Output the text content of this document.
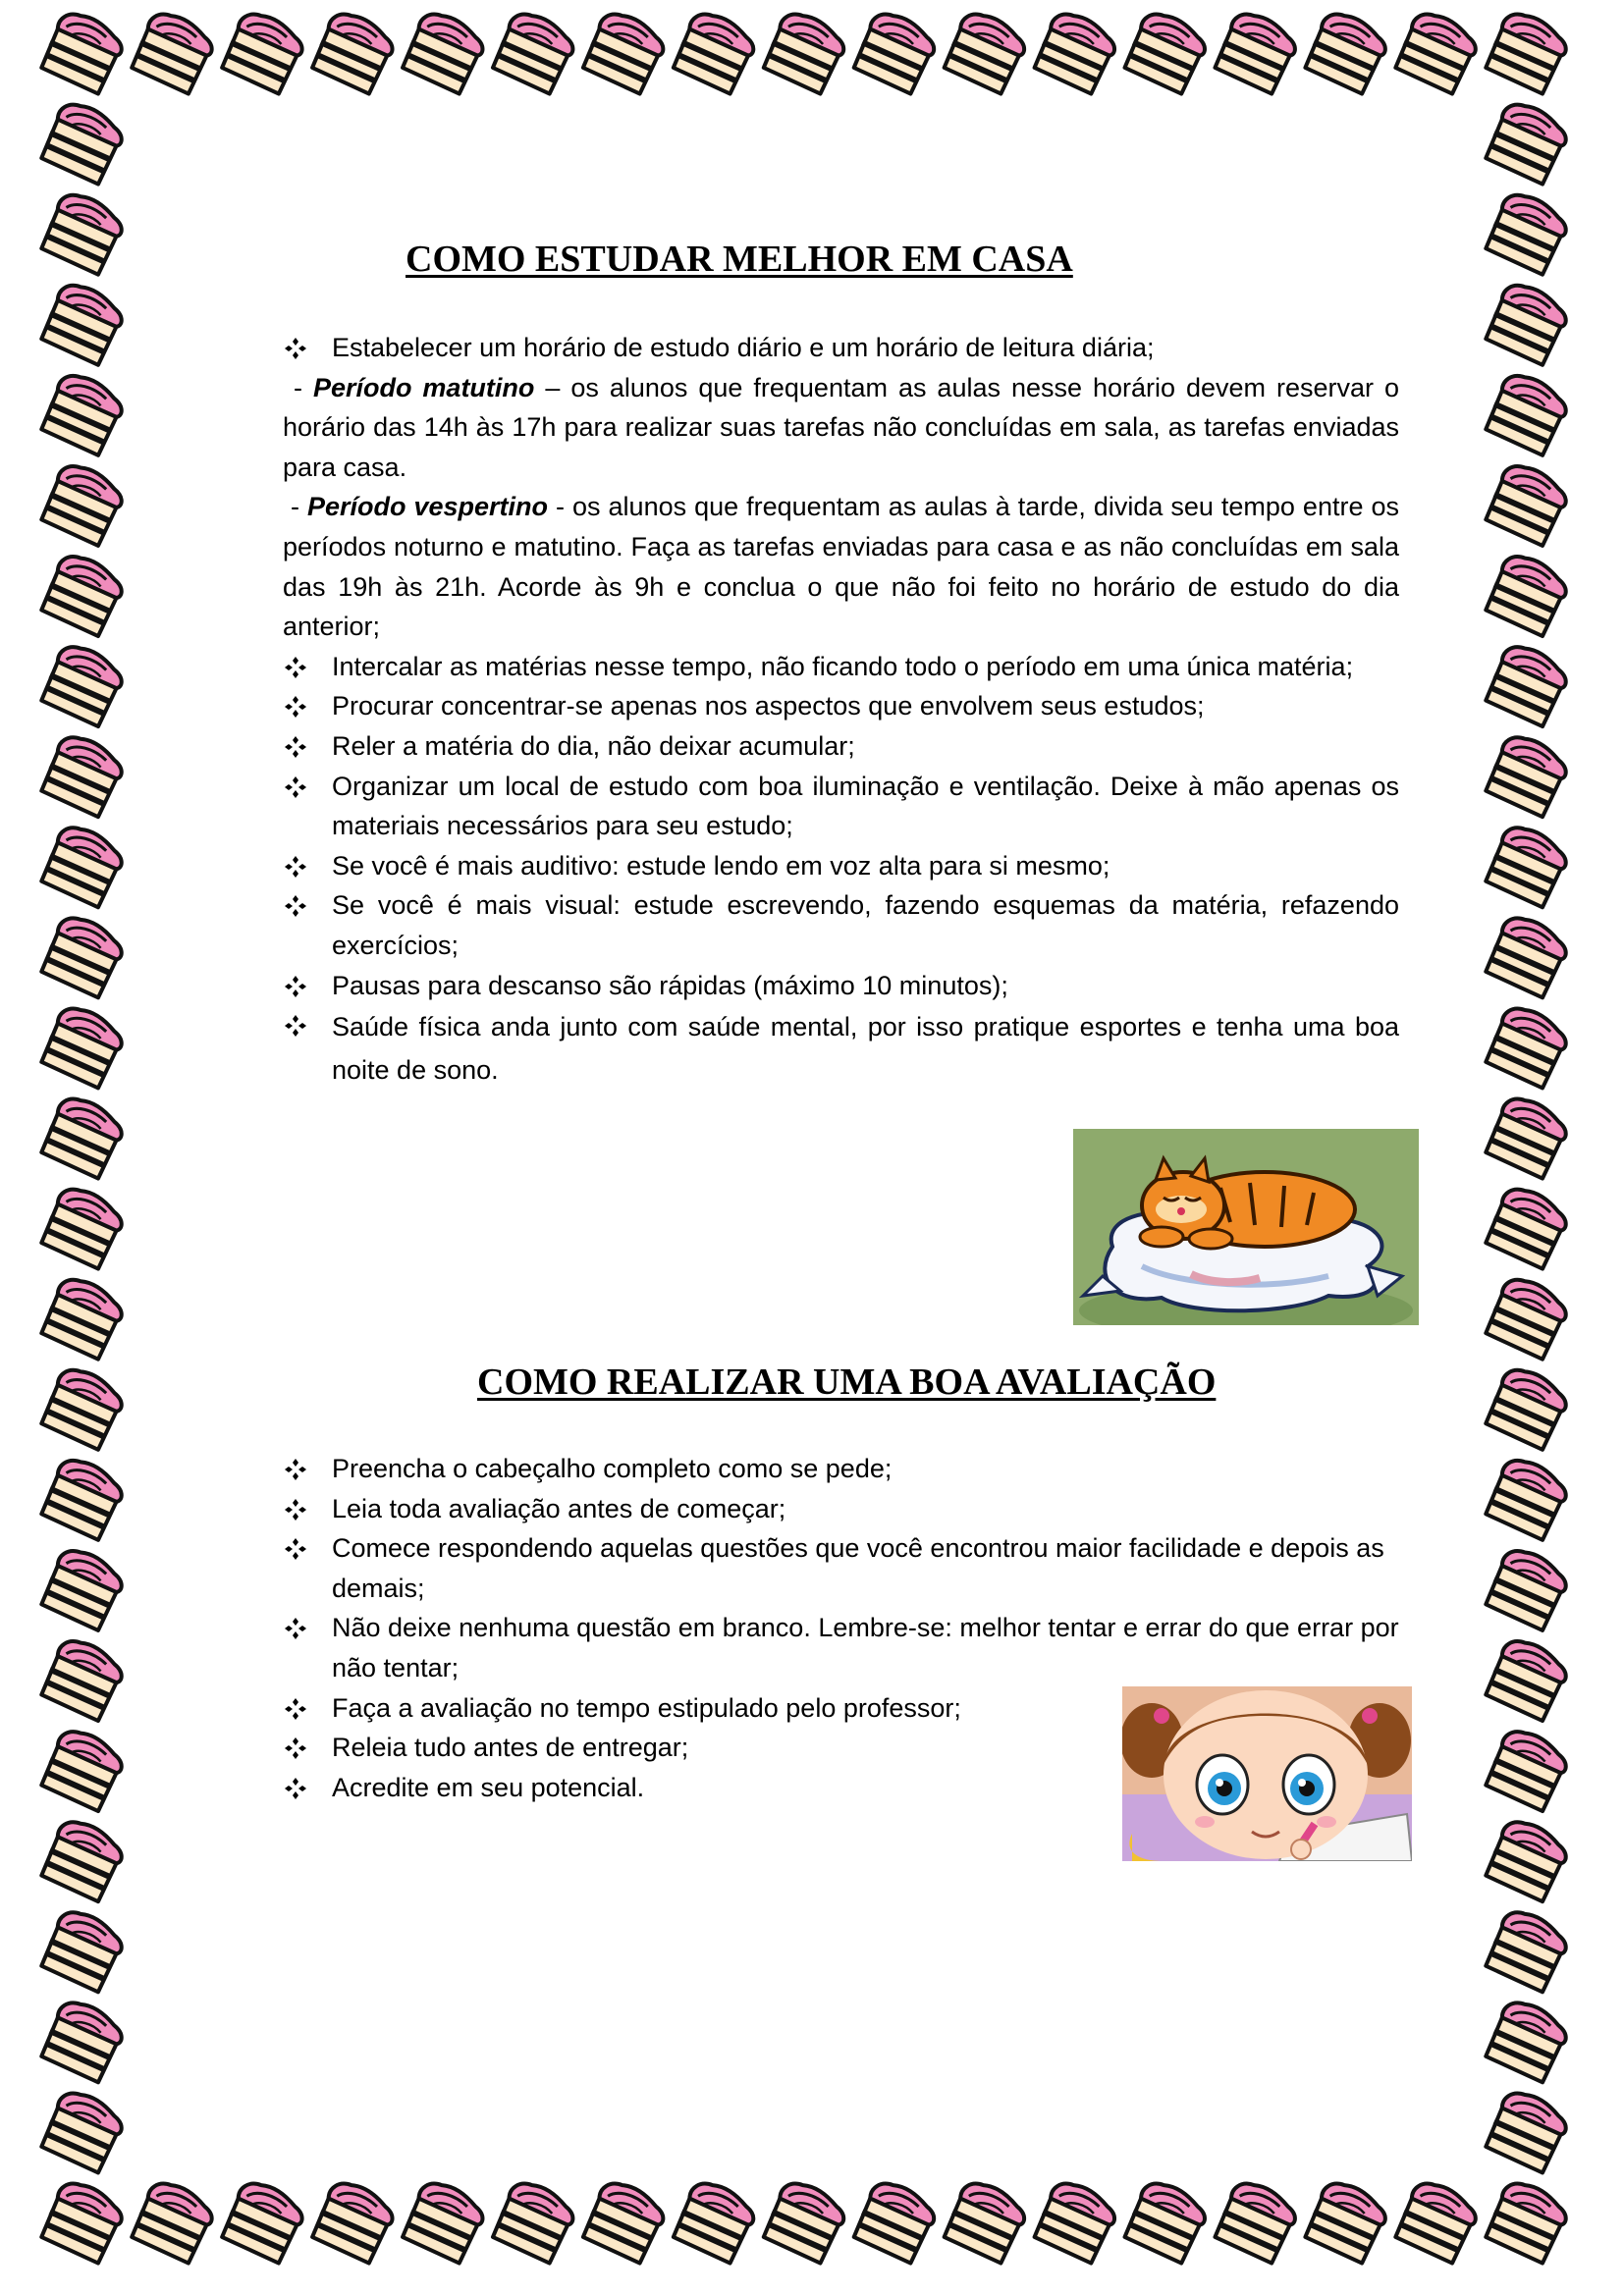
COMO ESTUDAR MELHOR EM CASA
Estabelecer um horário de estudo diário e um horário de leitura diária;
- Período matutino – os alunos que frequentam as aulas nesse horário devem reservar o horário das 14h às 17h para realizar suas tarefas não concluídas em sala, as tarefas enviadas para casa.
- Período vespertino - os alunos que frequentam as aulas à tarde, divida seu tempo entre os períodos noturno e matutino. Faça as tarefas enviadas para casa e as não concluídas em sala das 19h às 21h. Acorde às 9h e conclua o que não foi feito no horário de estudo do dia anterior;
Intercalar as matérias nesse tempo, não ficando todo o período em uma única matéria;
Procurar concentrar-se apenas nos aspectos que envolvem seus estudos;
Reler a matéria do dia, não deixar acumular;
Organizar um local de estudo com boa iluminação e ventilação. Deixe à mão apenas os materiais necessários para seu estudo;
Se você é mais auditivo: estude lendo em voz alta para si mesmo;
Se você é mais visual: estude escrevendo, fazendo esquemas da matéria, refazendo exercícios;
Pausas para descanso são rápidas (máximo 10 minutos);
Saúde física anda junto com saúde mental, por isso pratique esportes e tenha uma boa noite de sono.
COMO REALIZAR UMA BOA AVALIAÇÃO
Preencha o cabeçalho completo como se pede;
Leia toda avaliação antes de começar;
Comece respondendo aquelas questões que você encontrou maior facilidade e depois as demais;
Não deixe nenhuma questão em branco. Lembre-se: melhor tentar e errar do que errar por não tentar;
Faça a avaliação no tempo estipulado pelo professor;
Releia tudo antes de entregar;
Acredite em seu potencial.
